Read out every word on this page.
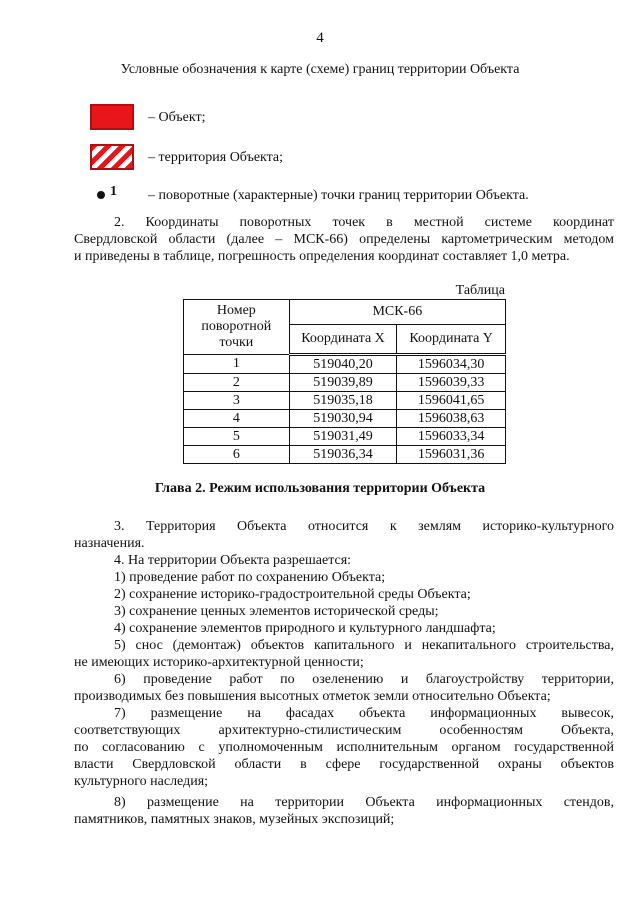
4
Условные обозначения к карте (схеме) границ территории Объекта
– Объект;
– территория Объекта;
1 – поворотные (характерные) точки границ территории Объекта.
2. Координаты поворотных точек в местной системе координат
Свердловской области (далее – МСК-66) определены картометрическим методом
и приведены в таблице, погрешность определения координат составляет 1,0 метра.
Таблица
Номер поворотной точки	МСК-66	
	Координата X	Координата Y
1	519040,20	1596034,30
2	519039,89	1596039,33
3	519035,18	1596041,65
4	519030,94	1596038,63
5	519031,49	1596033,34
6	519036,34	1596031,36
Глава 2. Режим использования территории Объекта
3. Территория Объекта относится к землям историко-культурного
назначения.
4. На территории Объекта разрешается:
1) проведение работ по сохранению Объекта;
2) сохранение историко-градостроительной среды Объекта;
3) сохранение ценных элементов исторической среды;
4) сохранение элементов природного и культурного ландшафта;
5) снос (демонтаж) объектов капитального и некапитального строительства,
не имеющих историко-архитектурной ценности;
6) проведение работ по озеленению и благоустройству территории,
производимых без повышения высотных отметок земли относительно Объекта;
7) размещение на фасадах объекта информационных вывесок,
соответствующих архитектурно-стилистическим особенностям Объекта,
по согласованию с уполномоченным исполнительным органом государственной
власти Свердловской области в сфере государственной охраны объектов
культурного наследия;
8) размещение на территории Объекта информационных стендов,
памятников, памятных знаков, музейных экспозиций;
